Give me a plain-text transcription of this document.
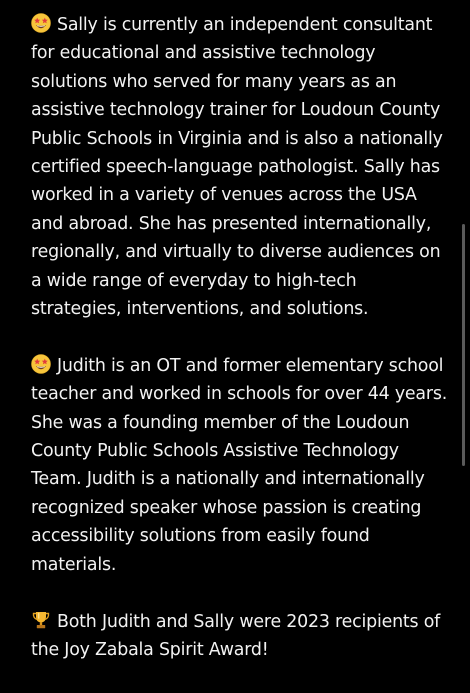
Sally is currently an independent consultant for educational and assistive technology solutions who served for many years as an assistive technology trainer for Loudoun County Public Schools in Virginia and is also a nationally certified speech-language pathologist. Sally has worked in a variety of venues across the USA and abroad. She has presented internationally, regionally, and virtually to diverse audiences on a wide range of everyday to high-tech strategies, interventions, and solutions.

Judith is an OT and former elementary school teacher and worked in schools for over 44 years. She was a founding member of the Loudoun County Public Schools Assistive Technology Team. Judith is a nationally and internationally recognized speaker whose passion is creating accessibility solutions from easily found materials.

Both Judith and Sally were 2023 recipients of the Joy Zabala Spirit Award!
